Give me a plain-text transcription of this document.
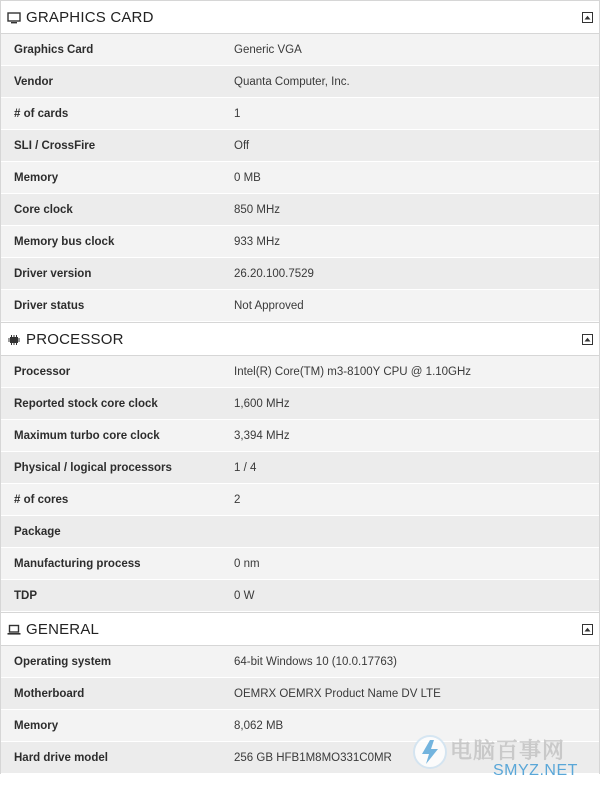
GRAPHICS CARD
Graphics Card	Generic VGA
Vendor	Quanta Computer, Inc.
# of cards	1
SLI / CrossFire	Off
Memory	0 MB
Core clock	850 MHz
Memory bus clock	933 MHz
Driver version	26.20.100.7529
Driver status	Not Approved
PROCESSOR
Processor	Intel(R) Core(TM) m3-8100Y CPU @ 1.10GHz
Reported stock core clock	1,600 MHz
Maximum turbo core clock	3,394 MHz
Physical / logical processors	1 / 4
# of cores	2
Package
Manufacturing process	0 nm
TDP	0 W
GENERAL
Operating system	64-bit Windows 10 (10.0.17763)
Motherboard	OEMRX OEMRX Product Name DV LTE
Memory	8,062 MB
Hard drive model	256 GB HFB1M8MO331C0MR	电脑百事网
SMYZ.NET
